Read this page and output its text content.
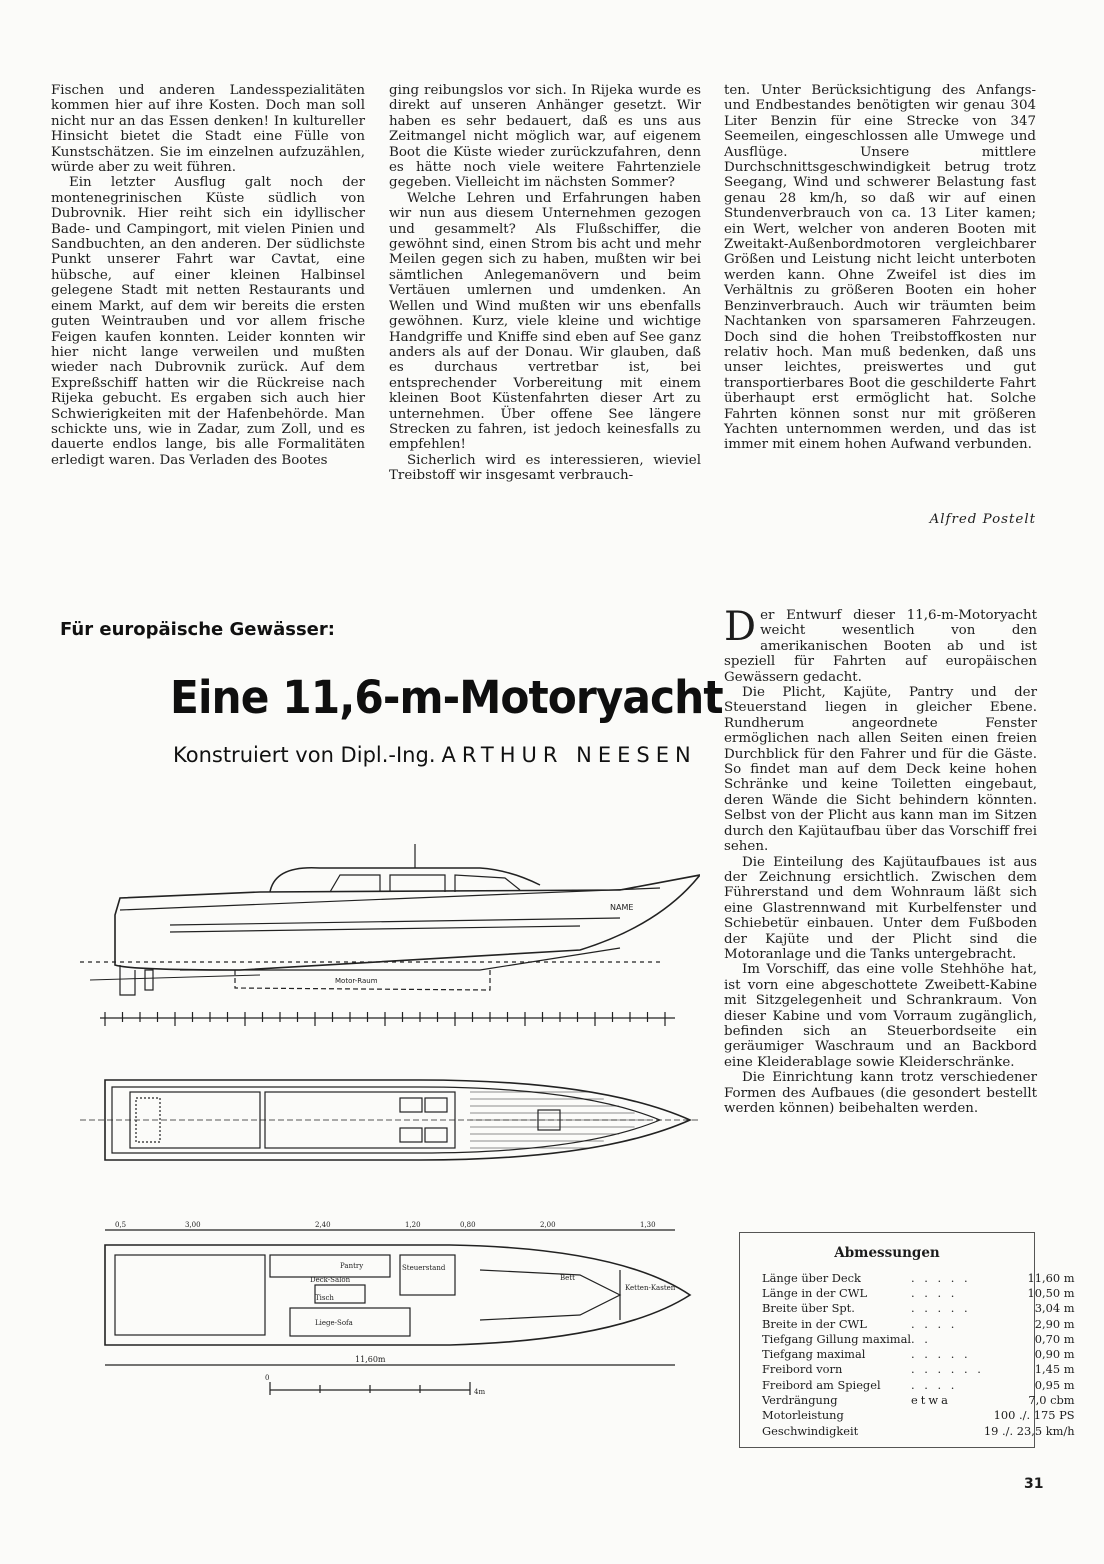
Fischen und anderen Landesspezialitäten kommen hier auf ihre Kosten. Doch man soll nicht nur an das Essen denken! In kultureller Hinsicht bietet die Stadt eine Fülle von Kunstschätzen. Sie im einzelnen aufzuzählen, würde aber zu weit führen.

Ein letzter Ausflug galt noch der montenegrinischen Küste südlich von Dubrovnik. Hier reiht sich ein idyllischer Bade- und Campingort, mit vielen Pinien und Sandbuchten, an den anderen. Der südlichste Punkt unserer Fahrt war Cavtat, eine hübsche, auf einer kleinen Halbinsel gelegene Stadt mit netten Restaurants und einem Markt, auf dem wir bereits die ersten guten Weintrauben und vor allem frische Feigen kaufen konnten. Leider konnten wir hier nicht lange verweilen und mußten wieder nach Dubrovnik zurück. Auf dem Expreßschiff hatten wir die Rückreise nach Rijeka gebucht. Es ergaben sich auch hier Schwierigkeiten mit der Hafenbehörde. Man schickte uns, wie in Zadar, zum Zoll, und es dauerte endlos lange, bis alle Formalitäten erledigt waren. Das Verladen des Bootes

ging reibungslos vor sich. In Rijeka wurde es direkt auf unseren Anhänger gesetzt. Wir haben es sehr bedauert, daß es uns aus Zeitmangel nicht möglich war, auf eigenem Boot die Küste wieder zurückzufahren, denn es hätte noch viele weitere Fahrtenziele gegeben. Vielleicht im nächsten Sommer?

Welche Lehren und Erfahrungen haben wir nun aus diesem Unternehmen gezogen und gesammelt? Als Flußschiffer, die gewöhnt sind, einen Strom bis acht und mehr Meilen gegen sich zu haben, mußten wir bei sämtlichen Anlegemanövern und beim Vertäuen umlernen und umdenken. An Wellen und Wind mußten wir uns ebenfalls gewöhnen. Kurz, viele kleine und wichtige Handgriffe und Kniffe sind eben auf See ganz anders als auf der Donau. Wir glauben, daß es durchaus vertretbar ist, bei entsprechender Vorbereitung mit einem kleinen Boot Küstenfahrten dieser Art zu unternehmen. Über offene See längere Strecken zu fahren, ist jedoch keinesfalls zu empfehlen!

Sicherlich wird es interessieren, wieviel Treibstoff wir insgesamt verbrauch-

ten. Unter Berücksichtigung des Anfangs- und Endbestandes benötigten wir genau 304 Liter Benzin für eine Strecke von 347 Seemeilen, eingeschlossen alle Umwege und Ausflüge. Unsere mittlere Durchschnittsgeschwindigkeit betrug trotz Seegang, Wind und schwerer Belastung fast genau 28 km/h, so daß wir auf einen Stundenverbrauch von ca. 13 Liter kamen; ein Wert, welcher von anderen Booten mit Zweitakt-Außenbordmotoren vergleichbarer Größen und Leistung nicht leicht unterboten werden kann. Ohne Zweifel ist dies im Verhältnis zu größeren Booten ein hoher Benzinverbrauch. Auch wir träumten beim Nachtanken von sparsameren Fahrzeugen. Doch sind die hohen Treibstoffkosten nur relativ hoch. Man muß bedenken, daß uns unser leichtes, preiswertes und gut transportierbares Boot die geschilderte Fahrt überhaupt erst ermöglicht hat. Solche Fahrten können sonst nur mit größeren Yachten unternommen werden, und das ist immer mit einem hohen Aufwand verbunden.

Alfred Postelt
Für europäische Gewässer:
Eine 11,6-m-Motoryacht
Konstruiert von Dipl.-Ing. ARTHUR NEESEN

Der Entwurf dieser 11,6-m-Motoryacht weicht wesentlich von den amerikanischen Booten ab und ist speziell für Fahrten auf europäischen Gewässern gedacht.

Die Plicht, Kajüte, Pantry und der Steuerstand liegen in gleicher Ebene. Rundherum angeordnete Fenster ermöglichen nach allen Seiten einen freien Durchblick für den Fahrer und für die Gäste. So findet man auf dem Deck keine hohen Schränke und keine Toiletten eingebaut, deren Wände die Sicht behindern könnten. Selbst von der Plicht aus kann man im Sitzen durch den Kajütaufbau über das Vorschiff frei sehen.

Die Einteilung des Kajütaufbaues ist aus der Zeichnung ersichtlich. Zwischen dem Führerstand und dem Wohnraum läßt sich eine Glastrennwand mit Kurbelfenster und Schiebetür einbauen. Unter dem Fußboden der Kajüte und der Plicht sind die Motoranlage und die Tanks untergebracht.

Im Vorschiff, das eine volle Stehhöhe hat, ist vorn eine abgeschottete Zweibett-Kabine mit Sitzgelegenheit und Schrankraum. Von dieser Kabine und vom Vorraum zugänglich, befinden sich an Steuerbordseite ein geräumiger Waschraum und an Backbord eine Kleiderablage sowie Kleiderschränke.

Die Einrichtung kann trotz verschiedener Formen des Aufbaues (die gesondert bestellt werden können) beibehalten werden.

NAME
Motor-Raum
0,5	3,00	2,40	1,20	0,80	2,00	1,30
Tisch
Liege-Sofa
Deck-Salon
Pantry	Steuerstand
Bett
Ketten-Kasten
11,60m
0
4m
Abmessungen
Länge über Deck	. . . . .	11,60 m
Länge in der CWL	. . . .	10,50 m
Breite über Spt.	. . . . .	3,04 m
Breite in der CWL	. . . .	2,90 m
Tiefgang Gillung maximal	. .	0,70 m
Tiefgang maximal	. . . . .	0,90 m
Freibord vorn	. . . . . .	1,45 m
Freibord am Spiegel	. . . .	0,95 m
Verdrängung	etwa	7,0 cbm
Motorleistung		100 ./. 175 PS
Geschwindigkeit		19 ./. 23,5 km/h
31
